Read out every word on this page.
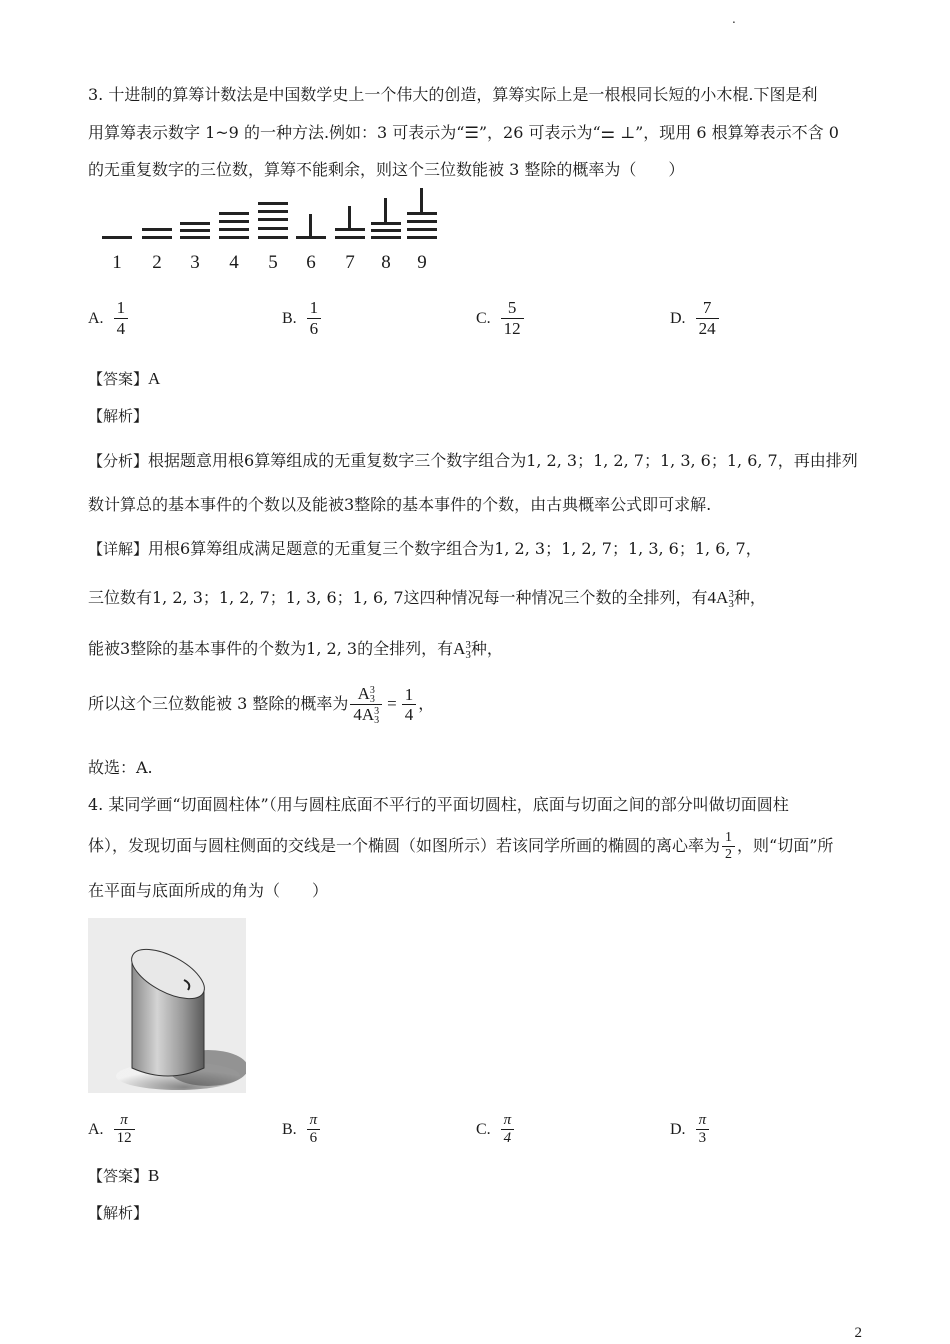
.
3. 十进制的算筹计数法是中国数学史上一个伟大的创造，算筹实际上是一根根同长短的小木棍.下图是利
用算筹表示数字 1~9 的一种方法.例如：3 可表示为“☰”，26 可表示为“⚌ ⊥”，现用 6 根算筹表示不含 0
的无重复数字的三位数，算筹不能剩余，则这个三位数能被 3 整除的概率为（　　）
1 2 3 4 5 6 7 8 9
A. $\frac{1}{4}$	B. $\frac{1}{6}$	C. $\frac{5}{12}$	D. $\frac{7}{24}$
【答案】A
【解析】
【分析】根据题意用根6算筹组成的无重复数字三个数字组合为1, 2, 3；1, 2, 7；1, 3, 6；1, 6, 7，再由排列
数计算总的基本事件的个数以及能被3整除的基本事件的个数，由古典概率公式即可求解.
【详解】用根6算筹组成满足题意的无重复三个数字组合为1, 2, 3；1, 2, 7；1, 3, 6；1, 6, 7，
三位数有1, 2, 3；1, 2, 7；1, 3, 6；1, 6, 7这四种情况每一种情况三个数的全排列，有4A 3
3 种，
能被3整除的基本事件的个数为1, 2, 3的全排列，有A 3
3 种，
所以这个三位数能被 3 整除的概率为 A 3
3
4A 3
$3 = \frac{1}{4}$ ，
故选：A.
4. 某同学画“切面圆柱体”（用与圆柱底面不平行的平面切圆柱，底面与切面之间的部分叫做切面圆柱
体），发现切面与圆柱侧面的交线是一个椭圆（如图所示）若该同学所画的椭圆的离心率为 $\frac{1}{2}$ ，则“切面”所
在平面与底面所成的角为（　　）
A. $\frac{\pi}{12}$	B. $\frac{\pi}{6}$	C. $\frac{\pi}{4}$	D. $\frac{\pi}{3}$
【答案】B
【解析】
2
